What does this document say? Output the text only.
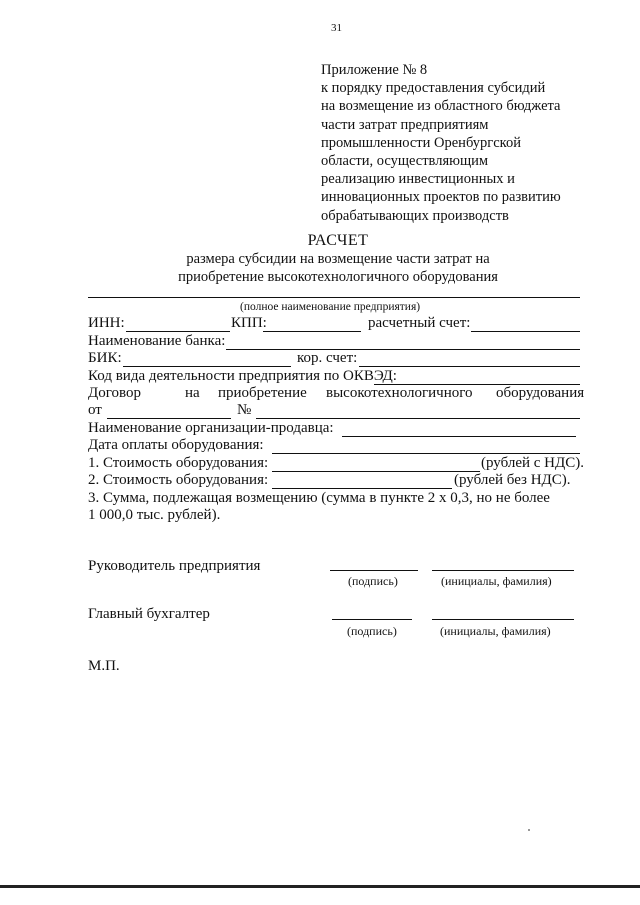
31
Приложение № 8
к порядку предоставления субсидий
на возмещение из областного бюджета
части затрат предприятиям
промышленности Оренбургской
области, осуществляющим
реализацию инвестиционных и
инновационных проектов по развитию
обрабатывающих производств
РАСЧЕТ
размера субсидии на возмещение части затрат на
приобретение высокотехнологичного оборудования
(полное наименование предприятия)
ИНН:	КПП:	расчетный счет:
Наименование банка:
БИК:	кор. счет:
Код вида деятельности предприятия по ОКВЭД:
Договор	на приобретение высокотехнологичного оборудования
от	№
Наименование организации-продавца:
Дата оплаты оборудования:
1. Стоимость оборудования:	(рублей с НДС).
2. Стоимость оборудования:	(рублей без НДС).
3. Сумма, подлежащая возмещению (сумма в пункте 2 х 0,3, но не более
1 000,0 тыс. рублей).
Руководитель предприятия
(подпись)	(инициалы, фамилия)
Главный бухгалтер
(подпись)	(инициалы, фамилия)
М.П.
